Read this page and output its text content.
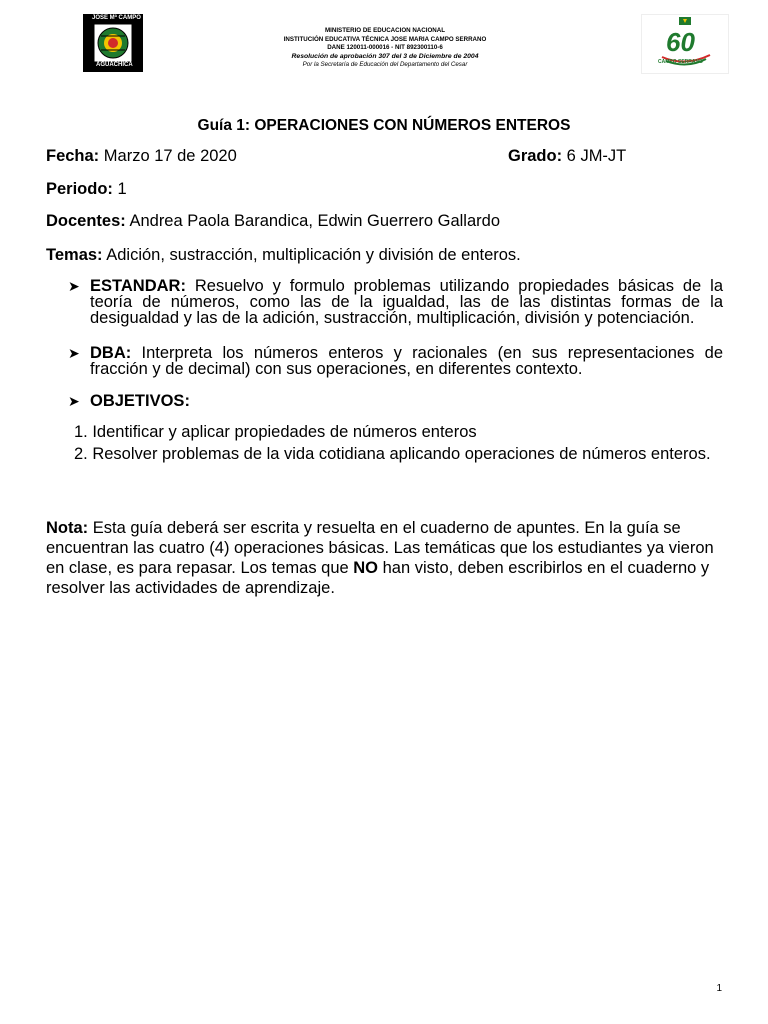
JOSE Mª CAMPO
AGUACHICA
MINISTERIO DE EDUCACION NACIONAL
INSTITUCIÓN EDUCATIVA TÉCNICA JOSE MARIA CAMPO SERRANO
DANE 120011-000016 - NIT 892300110-6
Resolución de aprobación 307 del 3 de Diciembre de 2004
Por la Secretaría de Educación del Departamento del Cesar
60
CAMPO SERRANO
Guía 1: OPERACIONES CON NÚMEROS ENTEROS
Fecha: Marzo 17 de 2020	Grado: 6 JM-JT
Periodo: 1
Docentes: Andrea Paola Barandica, Edwin Guerrero Gallardo
Temas: Adición, sustracción, multiplicación y división de enteros.
➤ ESTANDAR: Resuelvo y formulo problemas utilizando propiedades básicas de la teoría de números, como las de la igualdad, las de las distintas formas de la desigualdad y las de la adición, sustracción, multiplicación, división y potenciación.
➤ DBA: Interpreta los números enteros y racionales (en sus representaciones de fracción y de decimal) con sus operaciones, en diferentes contexto.
➤ OBJETIVOS:
1. Identificar y aplicar propiedades de números enteros
2. Resolver problemas de la vida cotidiana aplicando operaciones de números enteros.
Nota: Esta guía deberá ser escrita y resuelta en el cuaderno de apuntes. En la guía se encuentran las cuatro (4) operaciones básicas. Las temáticas que los estudiantes ya vieron en clase, es para repasar. Los temas que NO han visto, deben escribirlos en el cuaderno y resolver las actividades de aprendizaje.
1
